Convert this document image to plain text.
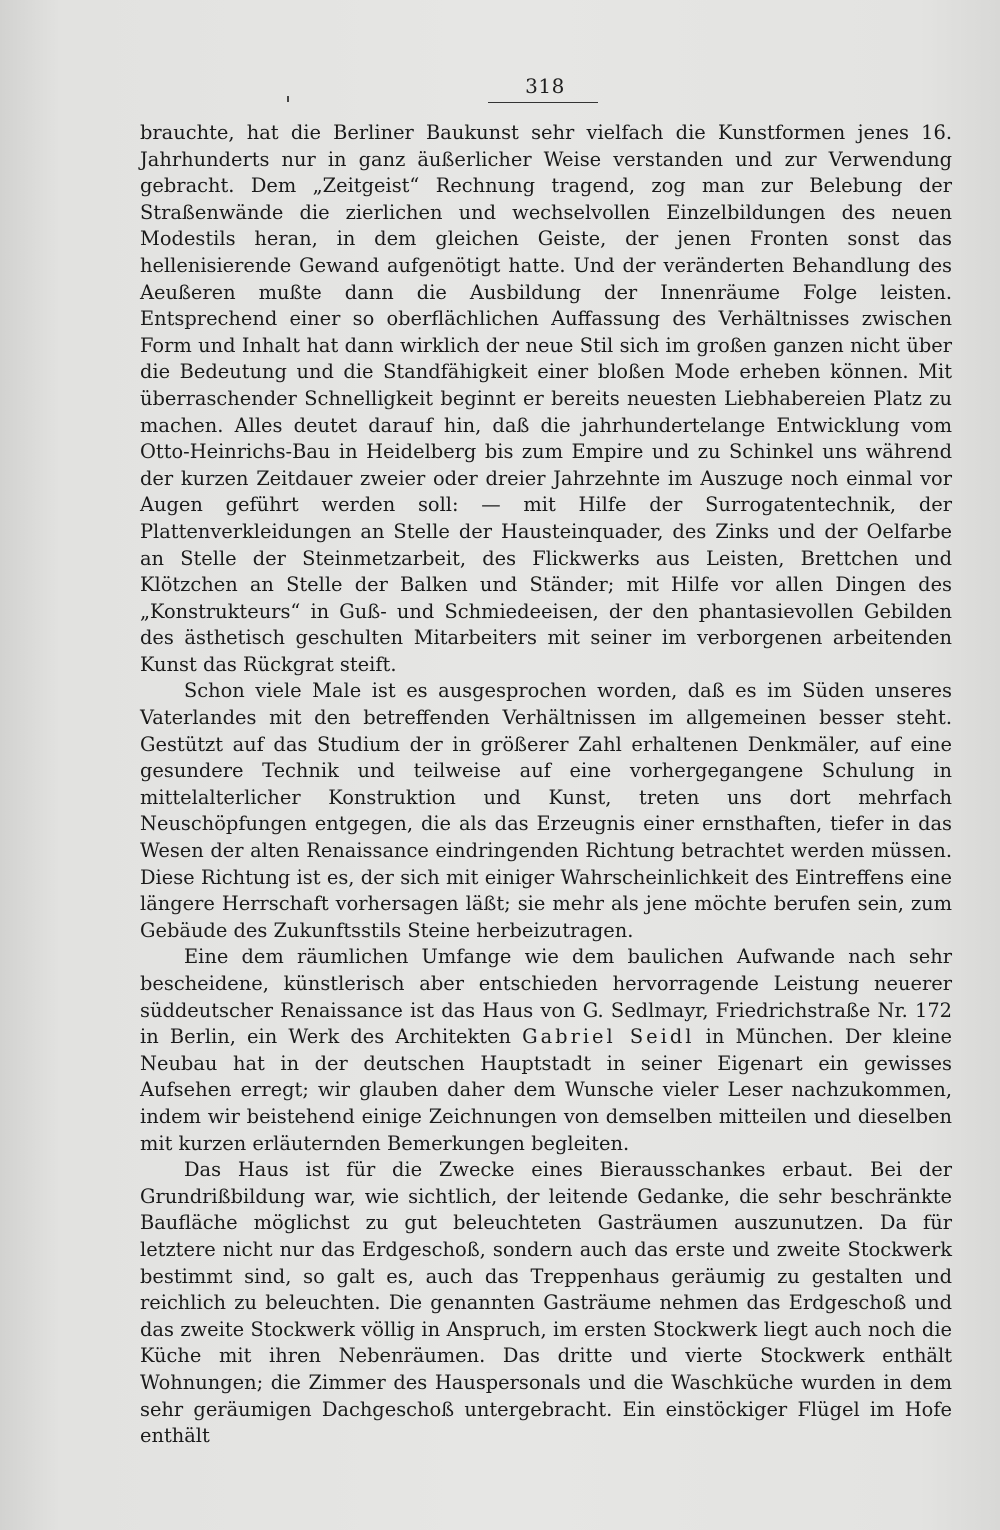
318

brauchte, hat die Berliner Baukunst sehr vielfach die Kunstformen jenes 16. Jahrhunderts nur in ganz äußerlicher Weise verstanden und zur Verwendung gebracht. Dem „Zeitgeist“ Rechnung tragend, zog man zur Belebung der Straßenwände die zierlichen und wechselvollen Einzelbildungen des neuen Modestils heran, in dem gleichen Geiste, der jenen Fronten sonst das hellenisierende Gewand aufgenötigt hatte. Und der veränderten Behandlung des Aeußeren mußte dann die Ausbildung der Innenräume Folge leisten. Entsprechend einer so oberflächlichen Auffassung des Verhältnisses zwischen Form und Inhalt hat dann wirklich der neue Stil sich im großen ganzen nicht über die Bedeutung und die Standfähigkeit einer bloßen Mode erheben können. Mit überraschender Schnelligkeit beginnt er bereits neuesten Liebhabereien Platz zu machen. Alles deutet darauf hin, daß die jahrhundertelange Entwicklung vom Otto-Heinrichs-Bau in Heidelberg bis zum Empire und zu Schinkel uns während der kurzen Zeitdauer zweier oder dreier Jahrzehnte im Auszuge noch einmal vor Augen geführt werden soll: — mit Hilfe der Surrogatentechnik, der Plattenverkleidungen an Stelle der Hausteinquader, des Zinks und der Oelfarbe an Stelle der Steinmetzarbeit, des Flickwerks aus Leisten, Brettchen und Klötzchen an Stelle der Balken und Ständer; mit Hilfe vor allen Dingen des „Konstrukteurs“ in Guß- und Schmiedeeisen, der den phantasievollen Gebilden des ästhetisch geschulten Mitarbeiters mit seiner im verborgenen arbeitenden Kunst das Rückgrat steift.

Schon viele Male ist es ausgesprochen worden, daß es im Süden unseres Vaterlandes mit den betreffenden Verhältnissen im allgemeinen besser steht. Gestützt auf das Studium der in größerer Zahl erhaltenen Denkmäler, auf eine gesundere Technik und teilweise auf eine vorhergegangene Schulung in mittelalterlicher Konstruktion und Kunst, treten uns dort mehrfach Neuschöpfungen entgegen, die als das Erzeugnis einer ernsthaften, tiefer in das Wesen der alten Renaissance eindringenden Richtung betrachtet werden müssen. Diese Richtung ist es, der sich mit einiger Wahrscheinlichkeit des Eintreffens eine längere Herrschaft vorhersagen läßt; sie mehr als jene möchte berufen sein, zum Gebäude des Zukunftsstils Steine herbeizutragen.

Eine dem räumlichen Umfange wie dem baulichen Aufwande nach sehr bescheidene, künstlerisch aber entschieden hervorragende Leistung neuerer süddeutscher Renaissance ist das Haus von G. Sedlmayr, Friedrichstraße Nr. 172 in Berlin, ein Werk des Architekten Gabriel Seidl in München. Der kleine Neubau hat in der deutschen Hauptstadt in seiner Eigenart ein gewisses Aufsehen erregt; wir glauben daher dem Wunsche vieler Leser nachzukommen, indem wir beistehend einige Zeichnungen von demselben mitteilen und dieselben mit kurzen erläuternden Bemerkungen begleiten.

Das Haus ist für die Zwecke eines Bierausschankes erbaut. Bei der Grundrißbildung war, wie sichtlich, der leitende Gedanke, die sehr beschränkte Baufläche möglichst zu gut beleuchteten Gasträumen auszunutzen. Da für letztere nicht nur das Erdgeschoß, sondern auch das erste und zweite Stockwerk bestimmt sind, so galt es, auch das Treppenhaus geräumig zu gestalten und reichlich zu beleuchten. Die genannten Gasträume nehmen das Erdgeschoß und das zweite Stockwerk völlig in Anspruch, im ersten Stockwerk liegt auch noch die Küche mit ihren Nebenräumen. Das dritte und vierte Stockwerk enthält Wohnungen; die Zimmer des Hauspersonals und die Waschküche wurden in dem sehr geräumigen Dachgeschoß untergebracht. Ein einstöckiger Flügel im Hofe enthält
